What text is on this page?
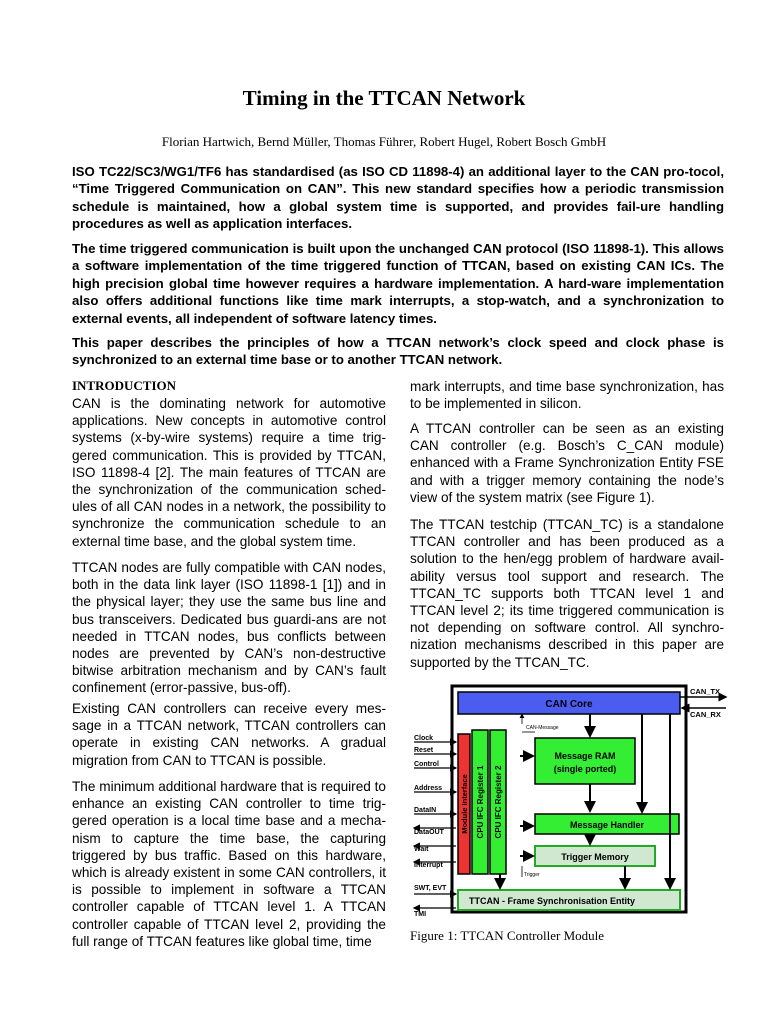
Timing in the TTCAN Network
Florian Hartwich, Bernd Müller, Thomas Führer, Robert Hugel, Robert Bosch GmbH

ISO TC22/SC3/WG1/TF6 has standardised (as ISO CD 11898-4) an additional layer to the CAN pro-tocol, “Time Triggered Communication on CAN”. This new standard specifies how a periodic transmission schedule is maintained, how a global system time is supported, and provides fail-ure handling procedures as well as application interfaces.

The time triggered communication is built upon the unchanged CAN protocol (ISO 11898-1). This allows a software implementation of the time triggered function of TTCAN, based on existing CAN ICs. The high precision global time however requires a hardware implementation. A hard-ware implementation also offers additional functions like time mark interrupts, a stop-watch, and a synchronization to external events, all independent of software latency times.

This paper describes the principles of how a TTCAN network’s clock speed and clock phase is synchronized to an external time base or to another TTCAN network.

INTRODUCTION

CAN is the dominating network for automotive applications. New concepts in automotive control systems (x-by-wire systems) require a time trig-gered communication. This is provided by TTCAN, ISO 11898-4 [2]. The main features of TTCAN are the synchronization of the communication sched-ules of all CAN nodes in a network, the possibility to synchronize the communication schedule to an external time base, and the global system time.

TTCAN nodes are fully compatible with CAN nodes, both in the data link layer (ISO 11898-1 [1]) and in the physical layer; they use the same bus line and bus transceivers. Dedicated bus guardi-ans are not needed in TTCAN nodes, bus conflicts between nodes are prevented by CAN’s non-destructive bitwise arbitration mechanism and by CAN’s fault confinement (error-passive, bus-off).

Existing CAN controllers can receive every mes-sage in a TTCAN network, TTCAN controllers can operate in existing CAN networks. A gradual migration from CAN to TTCAN is possible.

The minimum additional hardware that is required to enhance an existing CAN controller to time trig-gered operation is a local time base and a mecha-nism to capture the time base, the capturing triggered by bus traffic. Based on this hardware, which is already existent in some CAN controllers, it is possible to implement in software a TTCAN controller capable of TTCAN level 1. A TTCAN controller capable of TTCAN level 2, providing the full range of TTCAN features like global time, time

mark interrupts, and time base synchronization, has to be implemented in silicon.

A TTCAN controller can be seen as an existing CAN controller (e.g. Bosch’s C_CAN module) enhanced with a Frame Synchronization Entity FSE and with a trigger memory containing the node’s view of the system matrix (see Figure 1).

The TTCAN testchip (TTCAN_TC) is a standalone TTCAN controller and has been produced as a solution to the hen/egg problem of hardware avail-ability versus tool support and research. The TTCAN_TC supports both TTCAN level 1 and TTCAN level 2; its time triggered communication is not depending on software control. All synchro-nization mechanisms described in this paper are supported by the TTCAN_TC.

CAN Core
CAN_TX
CAN_RX
CAN-Message
Message RAM
(single ported)
Message Handler
Trigger Memory
Trigger
TTCAN - Frame Synchronisation Entity
Module Interface CPU IFC Register 1 CPU IFC Register 2
Clock
Reset
Control
Address
DataIN
DataOUT
Wait
Interrupt
SWT, EVT
TMI
Figure 1: TTCAN Controller Module
